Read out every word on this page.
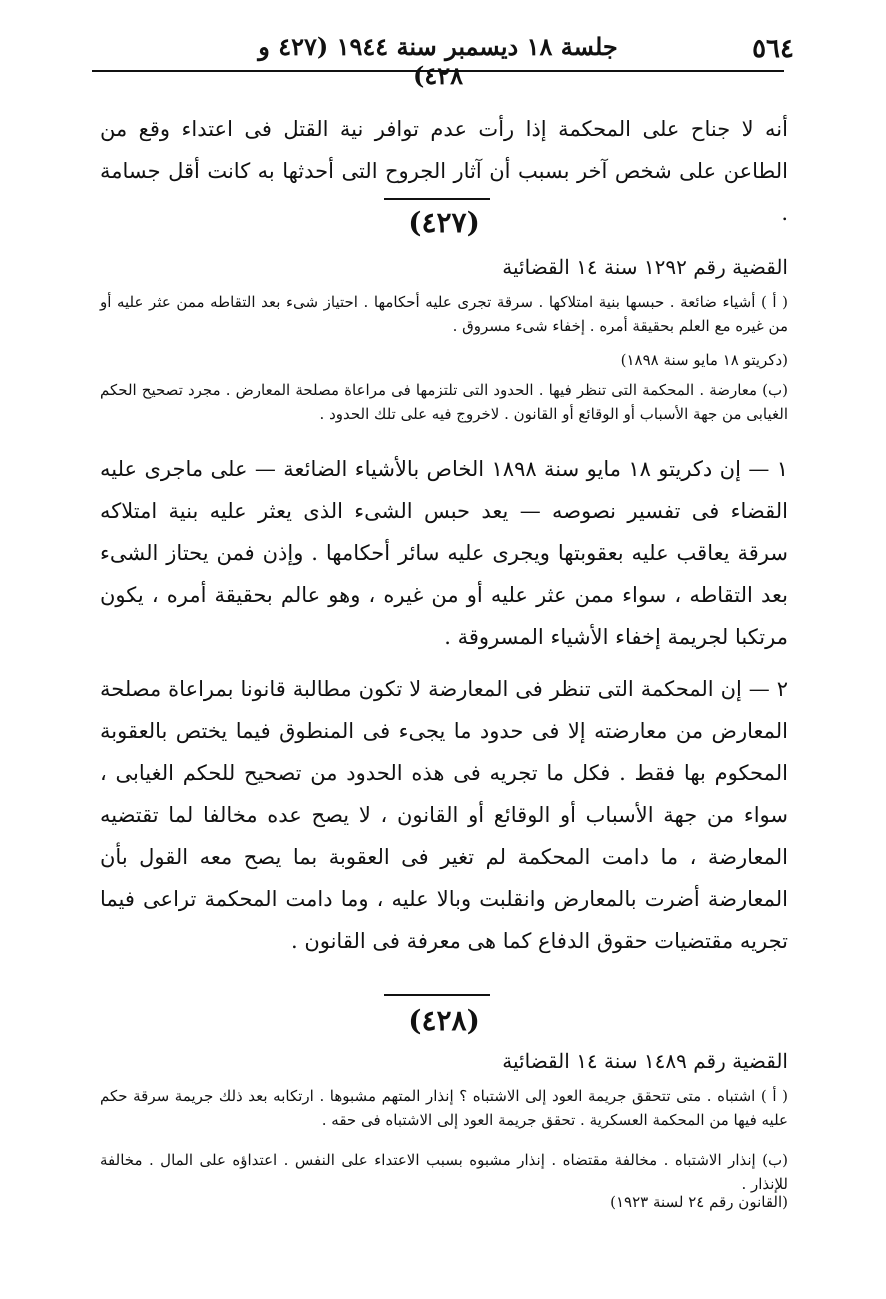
٥٦٤
جلسة ١٨ ديسمبر سنة ١٩٤٤ (٤٢٧ و ٤٢٨)

أنه لا جناح على المحكمة إذا رأت عدم توافر نية القتل فى اعتداء وقع من الطاعن على شخص آخر بسبب أن آثار الجروح التى أحدثها به كانت أقل جسامة .

(٤٢٧)

القضية رقم ١٢٩٢ سنة ١٤ القضائية

( أ ) أشياء ضائعة . حبسها بنية امتلاكها . سرقة تجرى عليه أحكامها . احتياز شىء بعد التقاطه ممن عثر عليه أو من غيره مع العلم بحقيقة أمره . إخفاء شىء مسروق .

(دكريتو ١٨ مايو سنة ١٨٩٨)

(ب) معارضة . المحكمة التى تنظر فيها . الحدود التى تلتزمها فى مراعاة مصلحة المعارض . مجرد تصحيح الحكم الغيابى من جهة الأسباب أو الوقائع أو القانون . لاخروج فيه على تلك الحدود .

١ — إن دكريتو ١٨ مايو سنة ١٨٩٨ الخاص بالأشياء الضائعة — على ماجرى عليه القضاء فى تفسير نصوصه — يعد حبس الشىء الذى يعثر عليه بنية امتلاكه سرقة يعاقب عليه بعقوبتها ويجرى عليه سائر أحكامها . وإذن فمن يحتاز الشىء بعد التقاطه ، سواء ممن عثر عليه أو من غيره ، وهو عالم بحقيقة أمره ، يكون مرتكبا لجريمة إخفاء الأشياء المسروقة .

٢ — إن المحكمة التى تنظر فى المعارضة لا تكون مطالبة قانونا بمراعاة مصلحة المعارض من معارضته إلا فى حدود ما يجىء فى المنطوق فيما يختص بالعقوبة المحكوم بها فقط . فكل ما تجريه فى هذه الحدود من تصحيح للحكم الغيابى ، سواء من جهة الأسباب أو الوقائع أو القانون ، لا يصح عده مخالفا لما تقتضيه المعارضة ، ما دامت المحكمة لم تغير فى العقوبة بما يصح معه القول بأن المعارضة أضرت بالمعارض وانقلبت وبالا عليه ، وما دامت المحكمة تراعى فيما تجريه مقتضيات حقوق الدفاع كما هى معرفة فى القانون .

(٤٢٨)

القضية رقم ١٤٨٩ سنة ١٤ القضائية

( أ ) اشتباه . متى تتحقق جريمة العود إلى الاشتباه ؟ إنذار المتهم مشبوها . ارتكابه بعد ذلك جريمة سرقة حكم عليه فيها من المحكمة العسكرية . تحقق جريمة العود إلى الاشتباه فى حقه .

(ب) إنذار الاشتباه . مخالفة مقتضاه . إنذار مشبوه بسبب الاعتداء على النفس . اعتداؤه على المال . مخالفة للإنذار .

(القانون رقم ٢٤ لسنة ١٩٢٣)
